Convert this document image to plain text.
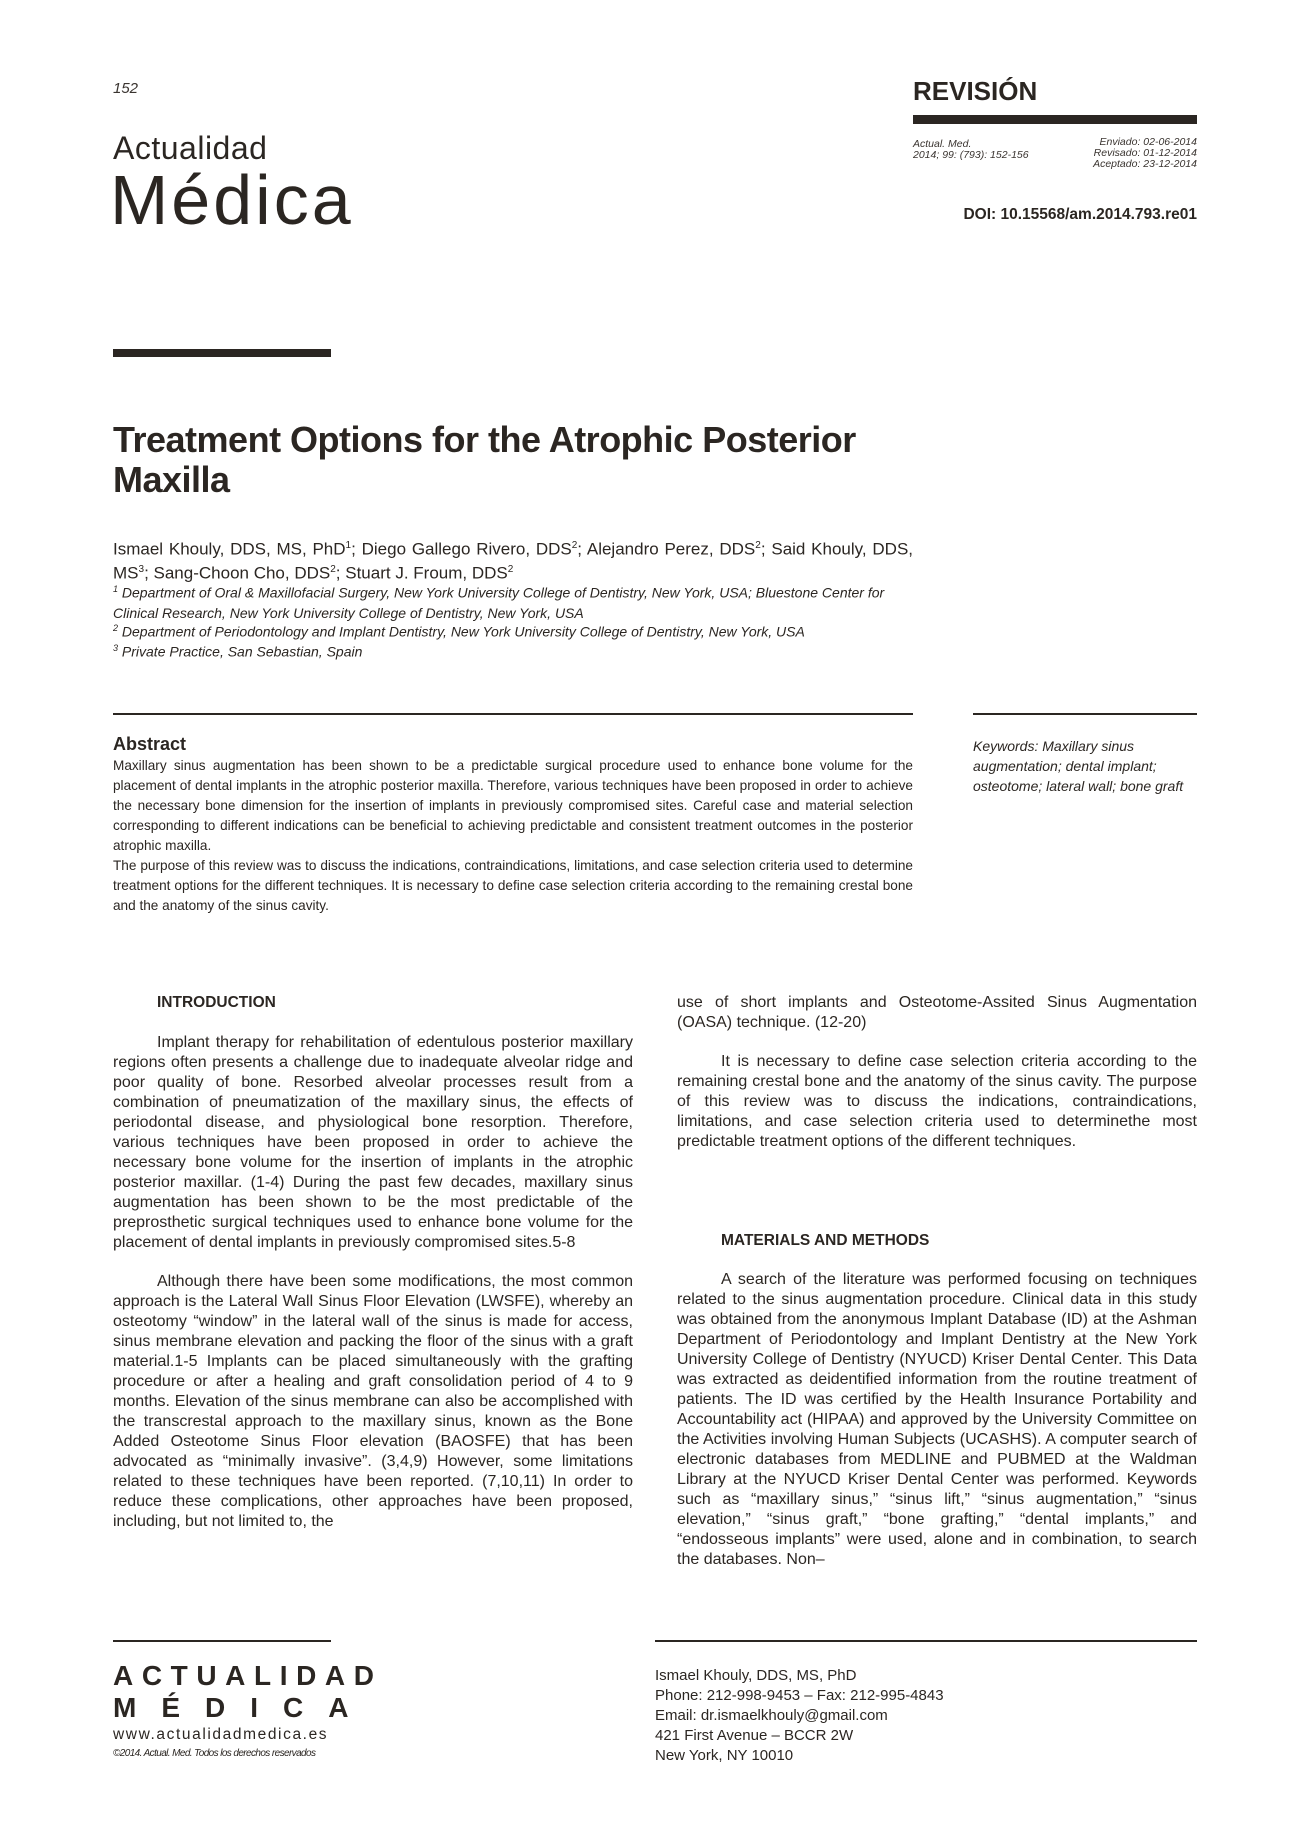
152
Actualidad
Médica
REVISIÓN
Actual. Med.
2014; 99: (793): 152-156
Enviado: 02-06-2014
Revisado: 01-12-2014
Aceptado: 23-12-2014
DOI: 10.15568/am.2014.793.re01
Treatment Options for the Atrophic Posterior Maxilla
Ismael Khouly, DDS, MS, PhD$^1$; Diego Gallego Rivero, DDS$^2$; Alejandro Perez, DDS$^2$; Said Khouly, DDS, $MS^3$; Sang-Choon Cho, DDS$^2$; Stuart J. Froum, DDS$^2$
$^1$ Department of Oral & Maxillofacial Surgery, New York University College of Dentistry, New York, USA; Bluestone Center for Clinical Research, New York University College of Dentistry, New York, USA
$^2$ Department of Periodontology and Implant Dentistry, New York University College of Dentistry, New York, USA
$^3$ Private Practice, San Sebastian, Spain
Abstract
Maxillary sinus augmentation has been shown to be a predictable surgical procedure used to enhance bone volume for the placement of dental implants in the atrophic posterior maxilla. Therefore, various techniques have been proposed in order to achieve the necessary bone dimension for the insertion of implants in previously compromised sites. Careful case and material selection corresponding to different indications can be beneficial to achieving predictable and consistent treatment outcomes in the posterior atrophic maxilla.
The purpose of this review was to discuss the indications, contraindications, limitations, and case selection criteria used to determine treatment options for the different techniques. It is necessary to define case selection criteria according to the remaining crestal bone and the anatomy of the sinus cavity.
Keywords: Maxillary sinus augmentation; dental implant; osteotome; lateral wall; bone graft
INTRODUCTION

Implant therapy for rehabilitation of edentulous posterior maxillary regions often presents a challenge due to inadequate alveolar ridge and poor quality of bone. Resorbed alveolar processes result from a combination of pneumatization of the maxillary sinus, the effects of periodontal disease, and physiological bone resorption. Therefore, various techniques have been proposed in order to achieve the necessary bone volume for the insertion of implants in the atrophic posterior maxillar. (1-4) During the past few decades, maxillary sinus augmentation has been shown to be the most predictable of the preprosthetic surgical techniques used to enhance bone volume for the placement of dental implants in previously compromised sites.5-8

Although there have been some modifications, the most common approach is the Lateral Wall Sinus Floor Elevation (LWSFE), whereby an osteotomy “window” in the lateral wall of the sinus is made for access, sinus membrane elevation and packing the floor of the sinus with a graft material.1-5 Implants can be placed simultaneously with the grafting procedure or after a healing and graft consolidation period of 4 to 9 months. Elevation of the sinus membrane can also be accomplished with the transcrestal approach to the maxillary sinus, known as the Bone Added Osteotome Sinus Floor elevation (BAOSFE) that has been advocated as “minimally invasive”. (3,4,9) However, some limitations related to these techniques have been reported. (7,10,11) In order to reduce these complications, other approaches have been proposed, including, but not limited to, the

use of short implants and Osteotome-Assited Sinus Augmentation (OASA) technique. (12-20)

It is necessary to define case selection criteria according to the remaining crestal bone and the anatomy of the sinus cavity. The purpose of this review was to discuss the indications, contraindications, limitations, and case selection criteria used to determinethe most predictable treatment options of the different techniques.

MATERIALS AND METHODS

A search of the literature was performed focusing on techniques related to the sinus augmentation procedure. Clinical data in this study was obtained from the anonymous Implant Database (ID) at the Ashman Department of Periodontology and Implant Dentistry at the New York University College of Dentistry (NYUCD) Kriser Dental Center. This Data was extracted as deidentified information from the routine treatment of patients. The ID was certified by the Health Insurance Portability and Accountability act (HIPAA) and approved by the University Committee on the Activities involving Human Subjects (UCASHS). A computer search of electronic databases from MEDLINE and PUBMED at the Waldman Library at the NYUCD Kriser Dental Center was performed. Keywords such as “maxillary sinus,” “sinus lift,” “sinus augmentation,” “sinus elevation,” “sinus graft,” “bone grafting,” “dental implants,” and “endosseous implants” were used, alone and in combination, to search the databases. Non–

ACTUALIDAD
MÉDICA
www.actualidadmedica.es
©2014. Actual. Med. Todos los derechos reservados
Ismael Khouly, DDS, MS, PhD
Phone: 212-998-9453 – Fax: 212-995-4843
Email: dr.ismaelkhouly@gmail.com
421 First Avenue – BCCR 2W
New York, NY 10010
